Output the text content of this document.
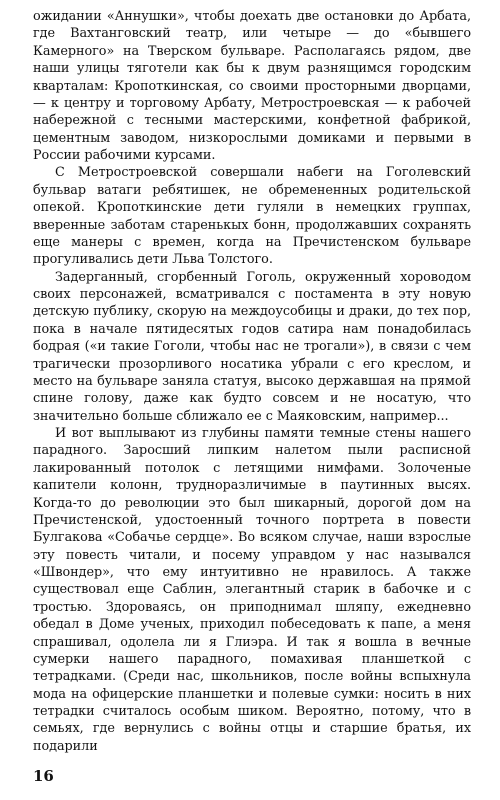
ожидании «Аннушки», чтобы доехать две остановки до Арбата, где Вахтанговский театр, или четыре — до «бывшего Камерного» на Тверском бульваре. Располагаясь рядом, две наши улицы тяготели как бы к двум разнящимся городским кварталам: Кропоткинская, со своими просторными дворцами, — к центру и торговому Арбату, Метростроевская — к рабочей набережной с тесными мастерскими, конфетной фабрикой, цементным заводом, низкорослыми домиками и первыми в России рабочими курсами.

С Метростроевской совершали набеги на Гоголевский бульвар ватаги ребятишек, не обремененных родительской опекой. Кропоткинские дети гуляли в немецких группах, вверенные заботам старенькых бонн, продолжавших сохранять еще манеры с времен, когда на Пречистенском бульваре прогуливались дети Льва Толстого.

Задерганный, сгорбенный Гоголь, окруженный хороводом своих персонажей, всматривался с постамента в эту новую детскую публику, скорую на междоусобицы и драки, до тех пор, пока в начале пятидесятых годов сатира нам понадобилась бодрая («и такие Гоголи, чтобы нас не трогали»), в связи с чем трагически прозорливого носатика убрали с его креслом, и место на бульваре заняла статуя, высоко державшая на прямой спине голову, даже как будто совсем и не носатую, что значительно больше сближало ее с Маяковским, например...

И вот выплывают из глубины памяти темные стены нашего парадного. Заросший липким налетом пыли расписной лакированный потолок с летящими нимфами. Золоченые капители колонн, трудноразличимые в паутинных высях. Когда-то до революции это был шикарный, дорогой дом на Пречистенской, удостоенный точного портрета в повести Булгакова «Собачье сердце». Во всяком случае, наши взрослые эту повесть читали, и посему управдом у нас назывался «Швондер», что ему интуитивно не нравилось. А также существовал еще Саблин, элегантный старик в бабочке и с тростью. Здороваясь, он приподнимал шляпу, ежедневно обедал в Доме ученых, приходил побеседовать к папе, а меня спрашивал, одолела ли я Глиэра. И так я вошла в вечные сумерки нашего парадного, помахивая планшеткой с тетрадками. (Среди нас, школьников, после войны вспыхнула мода на офицерские планшетки и полевые сумки: носить в них тетрадки считалось особым шиком. Вероятно, потому, что в семьях, где вернулись с войны отцы и старшие братья, их подарили

16
